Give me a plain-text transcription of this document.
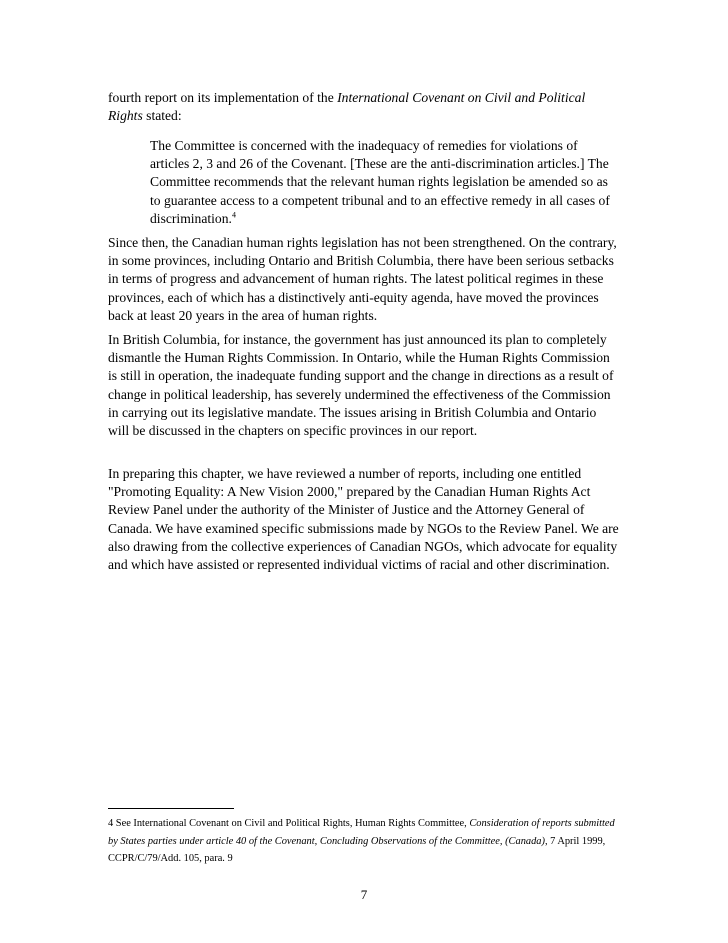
fourth report on its implementation of the International Covenant on Civil and Political Rights stated:

The Committee is concerned with the inadequacy of remedies for violations of articles 2, 3 and 26 of the Covenant. [These are the anti-discrimination articles.] The Committee recommends that the relevant human rights legislation be amended so as to guarantee access to a competent tribunal and to an effective remedy in all cases of discrimination.$^4$

Since then, the Canadian human rights legislation has not been strengthened. On the contrary, in some provinces, including Ontario and British Columbia, there have been serious setbacks in terms of progress and advancement of human rights. The latest political regimes in these provinces, each of which has a distinctively anti-equity agenda, have moved the provinces back at least 20 years in the area of human rights.

In British Columbia, for instance, the government has just announced its plan to completely dismantle the Human Rights Commission. In Ontario, while the Human Rights Commission is still in operation, the inadequate funding support and the change in directions as a result of change in political leadership, has severely undermined the effectiveness of the Commission in carrying out its legislative mandate. The issues arising in British Columbia and Ontario will be discussed in the chapters on specific provinces in our report.

In preparing this chapter, we have reviewed a number of reports, including one entitled "Promoting Equality: A New Vision 2000," prepared by the Canadian Human Rights Act Review Panel under the authority of the Minister of Justice and the Attorney General of Canada. We have examined specific submissions made by NGOs to the Review Panel. We are also drawing from the collective experiences of Canadian NGOs, which advocate for equality and which have assisted or represented individual victims of racial and other discrimination.

4 See International Covenant on Civil and Political Rights, Human Rights Committee, Consideration of reports submitted by States parties under article 40 of the Covenant, Concluding Observations of the Committee, (Canada), 7 April 1999, CCPR/C/79/Add. 105, para. 9

7
